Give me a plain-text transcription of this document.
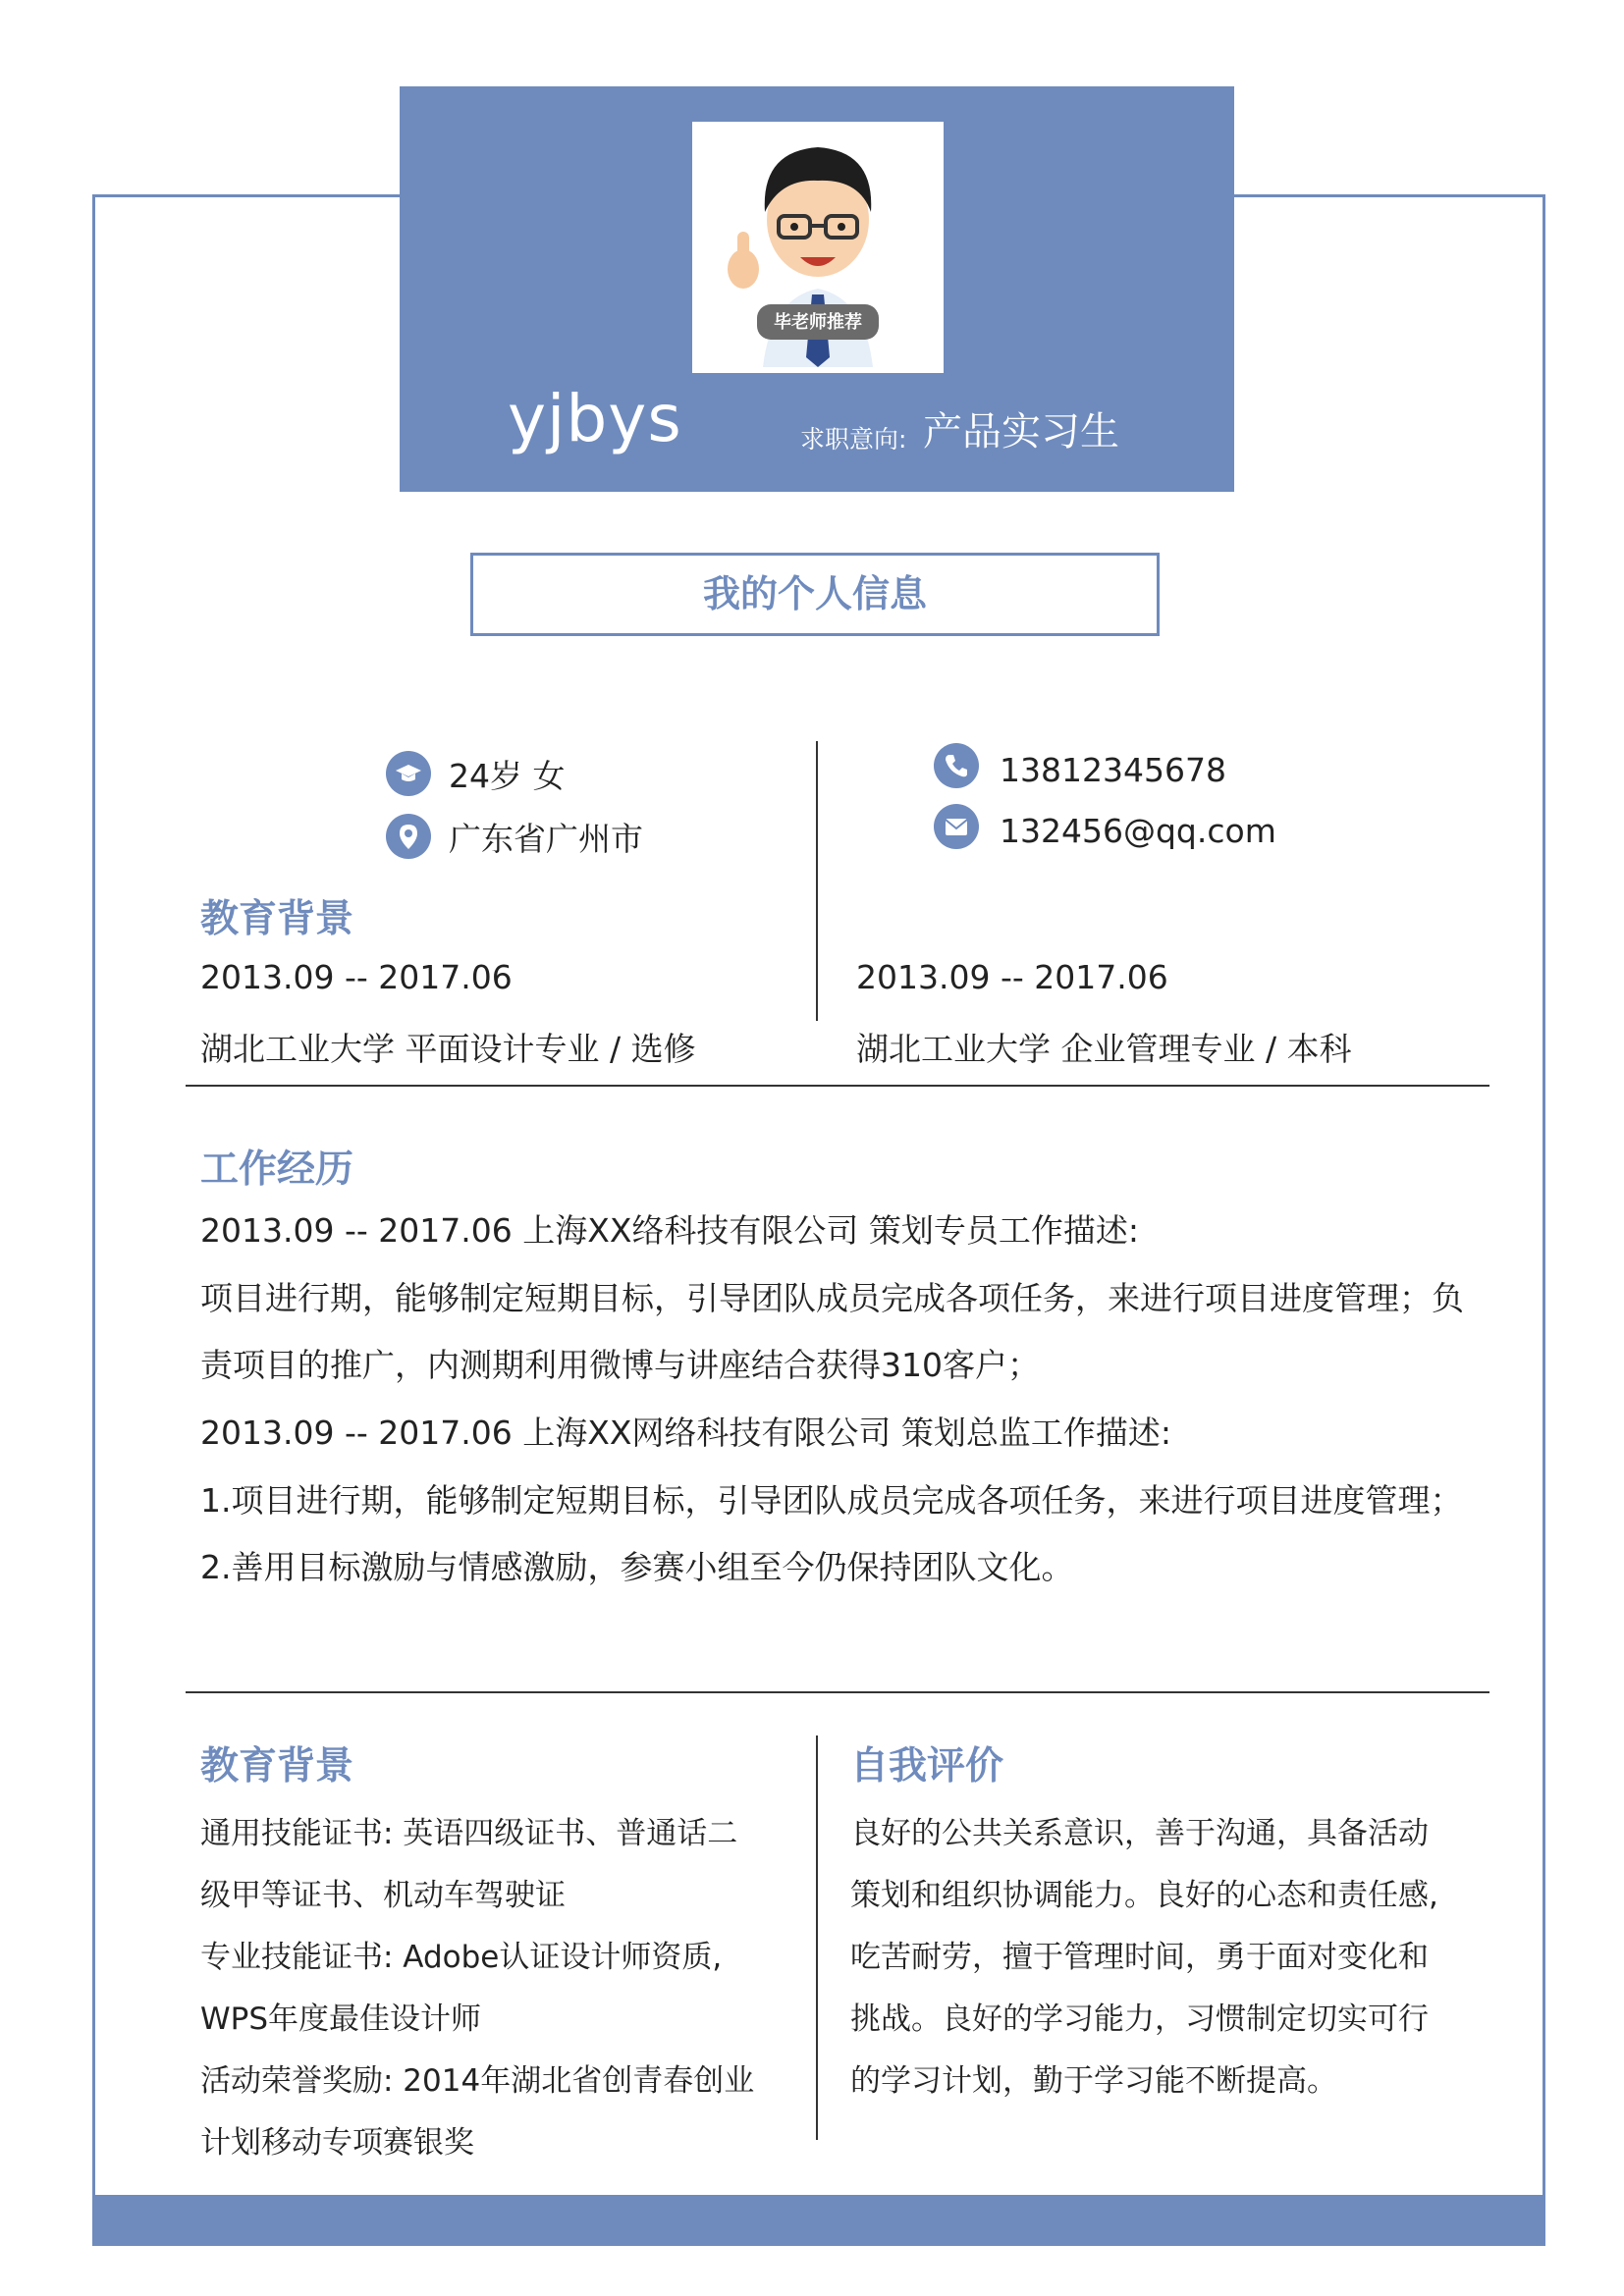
毕老师推荐
yjbys	求职意向: 产品实习生
我的个人信息
24岁 女
广东省广州市
13812345678
132456@qq.com
教育背景
2013.09 -- 2017.06
湖北工业大学 平面设计专业 / 选修
2013.09 -- 2017.06
湖北工业大学 企业管理专业 / 本科
工作经历
2013.09 -- 2017.06 上海XX络科技有限公司 策划专员工作描述:
项目进行期，能够制定短期目标，引导团队成员完成各项任务，来进行项目进度管理；负
责项目的推广，内测期利用微博与讲座结合获得310客户；
2013.09 -- 2017.06 上海XX网络科技有限公司 策划总监工作描述:
1.项目进行期，能够制定短期目标，引导团队成员完成各项任务，来进行项目进度管理；
2.善用目标激励与情感激励，参赛小组至今仍保持团队文化。
教育背景
通用技能证书: 英语四级证书、普通话二
级甲等证书、机动车驾驶证
专业技能证书: Adobe认证设计师资质,
WPS年度最佳设计师
活动荣誉奖励: 2014年湖北省创青春创业
计划移动专项赛银奖
自我评价
良好的公共关系意识，善于沟通，具备活动
策划和组织协调能力。良好的心态和责任感,
吃苦耐劳，擅于管理时间，勇于面对变化和
挑战。良好的学习能力，习惯制定切实可行
的学习计划，勤于学习能不断提高。
